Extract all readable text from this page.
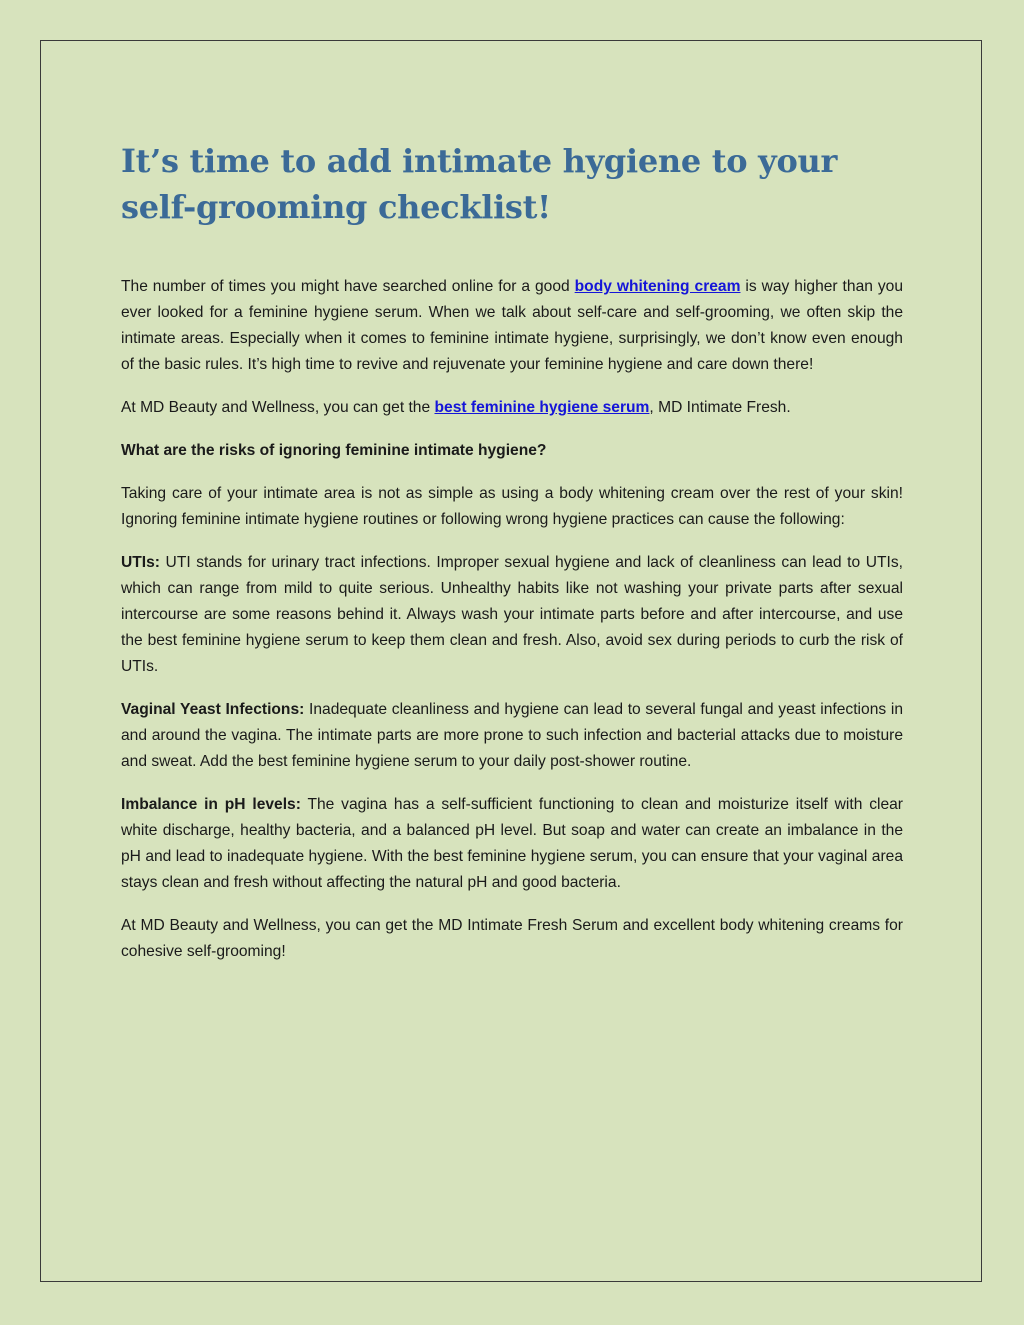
It’s time to add intimate hygiene to your self-grooming checklist!

The number of times you might have searched online for a good body whitening cream is way higher than you ever looked for a feminine hygiene serum. When we talk about self-care and self-grooming, we often skip the intimate areas. Especially when it comes to feminine intimate hygiene, surprisingly, we don’t know even enough of the basic rules. It’s high time to revive and rejuvenate your feminine hygiene and care down there!

At MD Beauty and Wellness, you can get the best feminine hygiene serum, MD Intimate Fresh.

What are the risks of ignoring feminine intimate hygiene?

Taking care of your intimate area is not as simple as using a body whitening cream over the rest of your skin! Ignoring feminine intimate hygiene routines or following wrong hygiene practices can cause the following:

UTIs: UTI stands for urinary tract infections. Improper sexual hygiene and lack of cleanliness can lead to UTIs, which can range from mild to quite serious. Unhealthy habits like not washing your private parts after sexual intercourse are some reasons behind it. Always wash your intimate parts before and after intercourse, and use the best feminine hygiene serum to keep them clean and fresh. Also, avoid sex during periods to curb the risk of UTIs.

Vaginal Yeast Infections: Inadequate cleanliness and hygiene can lead to several fungal and yeast infections in and around the vagina. The intimate parts are more prone to such infection and bacterial attacks due to moisture and sweat. Add the best feminine hygiene serum to your daily post-shower routine.

Imbalance in pH levels: The vagina has a self-sufficient functioning to clean and moisturize itself with clear white discharge, healthy bacteria, and a balanced pH level. But soap and water can create an imbalance in the pH and lead to inadequate hygiene. With the best feminine hygiene serum, you can ensure that your vaginal area stays clean and fresh without affecting the natural pH and good bacteria.

At MD Beauty and Wellness, you can get the MD Intimate Fresh Serum and excellent body whitening creams for cohesive self-grooming!
